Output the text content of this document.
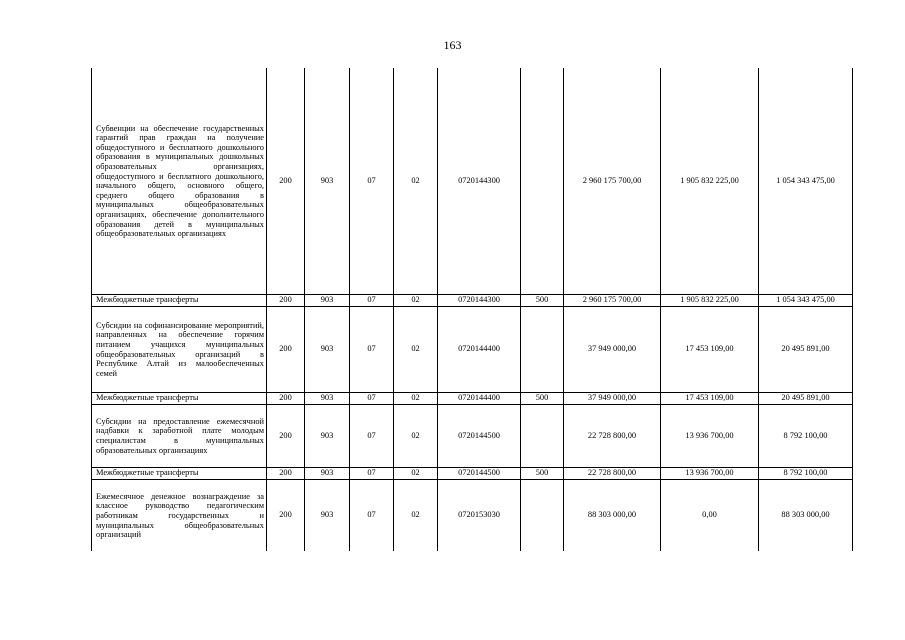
163
Субвенции на обеспечение государственных гарантий прав граждан на получение общедоступного и бесплатного дошкольного образования в муниципальных дошкольных образовательных организациях, общедоступного и бесплатного дошкольного, начального общего, основного общего, среднего общего образования в муниципальных общеобразовательных организациях, обеспечение дополнительного образования детей в муниципальных общеобразовательных организациях	200	903	07	02	0720144300		2 960 175 700,00	1 905 832 225,00	1 054 343 475,00
Межбюджетные трансферты	200	903	07	02	0720144300	500	2 960 175 700,00	1 905 832 225,00	1 054 343 475,00
Субсидии на софинансирование мероприятий, направленных на обеспечение горячим питанием учащихся муниципальных общеобразовательных организаций в Республике Алтай из малообеспеченных семей	200	903	07	02	0720144400		37 949 000,00	17 453 109,00	20 495 891,00
Межбюджетные трансферты	200	903	07	02	0720144400	500	37 949 000,00	17 453 109,00	20 495 891,00
Субсидии на предоставление ежемесячной надбавки к заработной плате молодым специалистам в муниципальных образовательных организациях	200	903	07	02	0720144500		22 728 800,00	13 936 700,00	8 792 100,00
Межбюджетные трансферты	200	903	07	02	0720144500	500	22 728 800,00	13 936 700,00	8 792 100,00
Ежемесячное денежное вознаграждение за классное руководство педагогическим работникам государственных и муниципальных общеобразовательных организаций	200	903	07	02	0720153030		88 303 000,00	0,00	88 303 000,00
